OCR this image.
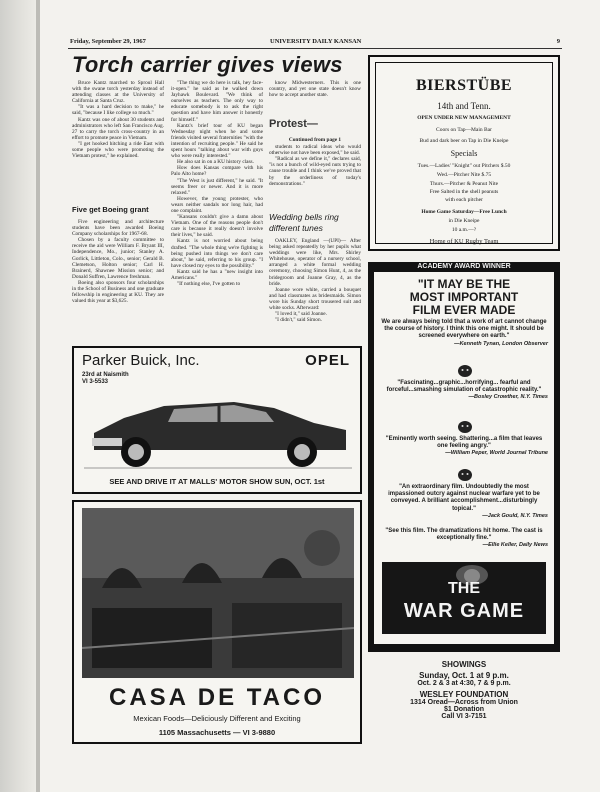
Friday, September 29, 1967	UNIVERSITY DAILY KANSAN	9
Torch carrier gives views

Bruce Kantz marched to Sproul Hall with the swane torch yesterday instead of attending classes at the University of California at Santa Cruz.

"It was a hard decision to make," he said, "because I like college so much."

Kantz was one of about 30 students and administrators who left San Francisco Aug. 27 to carry the torch cross-country in an effort to promote peace in Vietnam.

"I get hooked hitching a ride East with some people who were promoting the Vietnam protest," he explained.

Five get Boeing grant

Five engineering and architecture students have been awarded Boeing Company scholarships for 1967-68.

Chosen by a faculty committee to receive the aid were William F. Bryant III, Independence, Mo., junior; Stanley A. Gorlick, Littleton, Colo., senior; Gerald B. Clemetson, Holton senior; Carl H. Brainerd, Shawnee Mission senior; and Donald Suffren, Lawrence freshman.

Boeing also sponsors four scholarships in the School of Business and one graduate fellowship in engineering at KU. They are valued this year at $3,625.

"The thing we do here is talk, hey face-it-open." he said as he walked down Jayhawk Boulevard. "We think of ourselves as teachers. The only way to educate somebody is to ask the right question and have him answer it honestly for himself."

Kantz's brief tour of KU began Wednesday night when he and some friends visited several fraternities "with the intention of recruiting people." He said he spent hours "talking about war with guys who were really interested."

He also sat in on a KU history class.

How does Kansas compare with his Palo Alto home?

"The West is just different," he said. "It seems freer or newer. And it is more relaxed."

However, the young protester, who wears neither sandals nor long hair, had one complaint.

"Kansans couldn't give a damn about Vietnam. One of the reasons people don't care is because it really doesn't involve their lives," he said.

Kantz is not worried about being drafted. "The whole thing we're fighting is being pushed into things we don't care about," he said, referring to his group. "I have closed my eyes to the possibility."

Kantz said he has a "new insight into Americans."

"If nothing else, I've gotten to

know Midwesterners. This is one country, and yet one state doesn't know how to accept another state.

Protest—
Continued from page 1

students to radical ideas who would otherwise not have been exposed," he said.

"Radical as we define it," declares said, "is not a bunch of wild-eyed nuts trying to cause trouble and I think we've proved that by the orderliness of today's demonstrations."

Wedding bells ring different tunes

OAKLEY, England —(UPI)— After being asked repeatedly by her pupils what weddings were like, Mrs. Shirley Whitehouse, operator of a nursery school, arranged a white formal wedding ceremony, choosing Simon Hunt, 4, as the bridegroom and Joanne Gray, 4, as the bride.

Joanne wore white, carried a bouquet and had classmates as bridesmaids. Simon wore his Sunday short trousered suit and white socks. Afterward:

"I loved it," said Joanne.

"I didn't," said Simon.

BIERSTÜBE
14th and Tenn.
OPEN UNDER NEW MANAGEMENT
Coors on Tap—Main Bar
Bud and dark beer on Tap in Die Kneipe
Specials
Tues.—Ladies' "Knight" out Pitchers $.50
Wed.—Pitcher Nite $.75
Thurs.—Pitcher & Peanut Nite
Free Salted in the shell peanuts
with each pitcher
Home Game Saturday—Free Lunch
in Die Kneipe
10 a.m.—?
Home of KU Rugby Team
ACADEMY AWARD WINNER
"IT MAY BE THE
MOST IMPORTANT
FILM EVER MADE
We are always being told that a work of art cannot change the course of history. I think this one might. It should be screened everywhere on earth."
—Kenneth Tynan, London Observer
"Fascinating...graphic...horrifying... fearful and forceful...smashing simulation of catastrophic reality."
—Bosley Crowther, N.Y. Times
"Eminently worth seeing. Shattering...a film that leaves one feeling angry."
—William Peper, World Journal Tribune
"An extraordinary film. Undoubtedly the most impassioned outcry against nuclear warfare yet to be conveyed. A brilliant accomplishment...disturbingly topical."
—Jack Gould, N.Y. Times
"See this film. The dramatizations hit home. The cast is exceptionally fine."
—Ellie Keller, Daily News
THE
WAR GAME
SHOWINGS
Sunday, Oct. 1 at 9 p.m.
Oct. 2 & 3 at 4:30, 7 & 9 p.m.
WESLEY FOUNDATION
1314 Oread—Across from Union
$1 Donation
Call VI 3-7151
Parker Buick, Inc.
23rd at Naismith
VI 3-5533
OPEL
SEE AND DRIVE IT AT MALLS' MOTOR SHOW SUN, OCT. 1st
CASA DE TACO
Mexican Foods—Deliciously Different and Exciting
1105 Massachusetts — VI 3-9880
